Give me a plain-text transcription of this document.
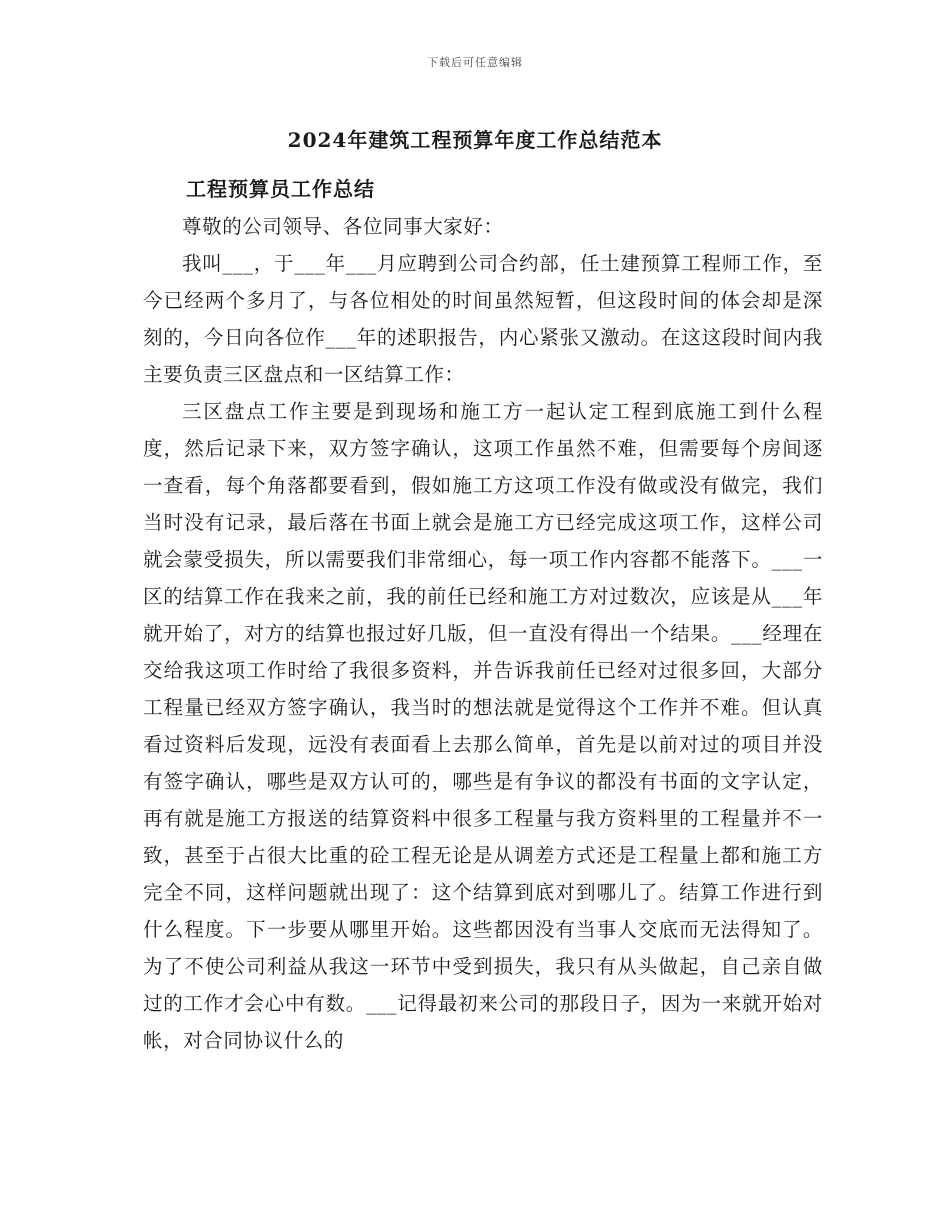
下载后可任意编辑
2024年建筑工程预算年度工作总结范本
工程预算员工作总结

尊敬的公司领导、各位同事大家好：

我叫___，于___年___月应聘到公司合约部，任土建预算工程师工作，至今已经两个多月了，与各位相处的时间虽然短暂，但这段时间的体会却是深刻的，今日向各位作___年的述职报告，内心紧张又激动。在这这段时间内我主要负责三区盘点和一区结算工作：

三区盘点工作主要是到现场和施工方一起认定工程到底施工到什么程度，然后记录下来，双方签字确认，这项工作虽然不难，但需要每个房间逐一查看，每个角落都要看到，假如施工方这项工作没有做或没有做完，我们当时没有记录，最后落在书面上就会是施工方已经完成这项工作，这样公司就会蒙受损失，所以需要我们非常细心，每一项工作内容都不能落下。___一区的结算工作在我来之前，我的前任已经和施工方对过数次，应该是从___年就开始了，对方的结算也报过好几版，但一直没有得出一个结果。___经理在交给我这项工作时给了我很多资料，并告诉我前任已经对过很多回，大部分工程量已经双方签字确认，我当时的想法就是觉得这个工作并不难。但认真看过资料后发现，远没有表面看上去那么简单，首先是以前对过的项目并没有签字确认，哪些是双方认可的，哪些是有争议的都没有书面的文字认定，再有就是施工方报送的结算资料中很多工程量与我方资料里的工程量并不一致，甚至于占很大比重的砼工程无论是从调差方式还是工程量上都和施工方完全不同，这样问题就出现了：这个结算到底对到哪儿了。结算工作进行到什么程度。下一步要从哪里开始。这些都因没有当事人交底而无法得知了。为了不使公司利益从我这一环节中受到损失，我只有从头做起，自己亲自做过的工作才会心中有数。___记得最初来公司的那段日子，因为一来就开始对帐，对合同协议什么的
